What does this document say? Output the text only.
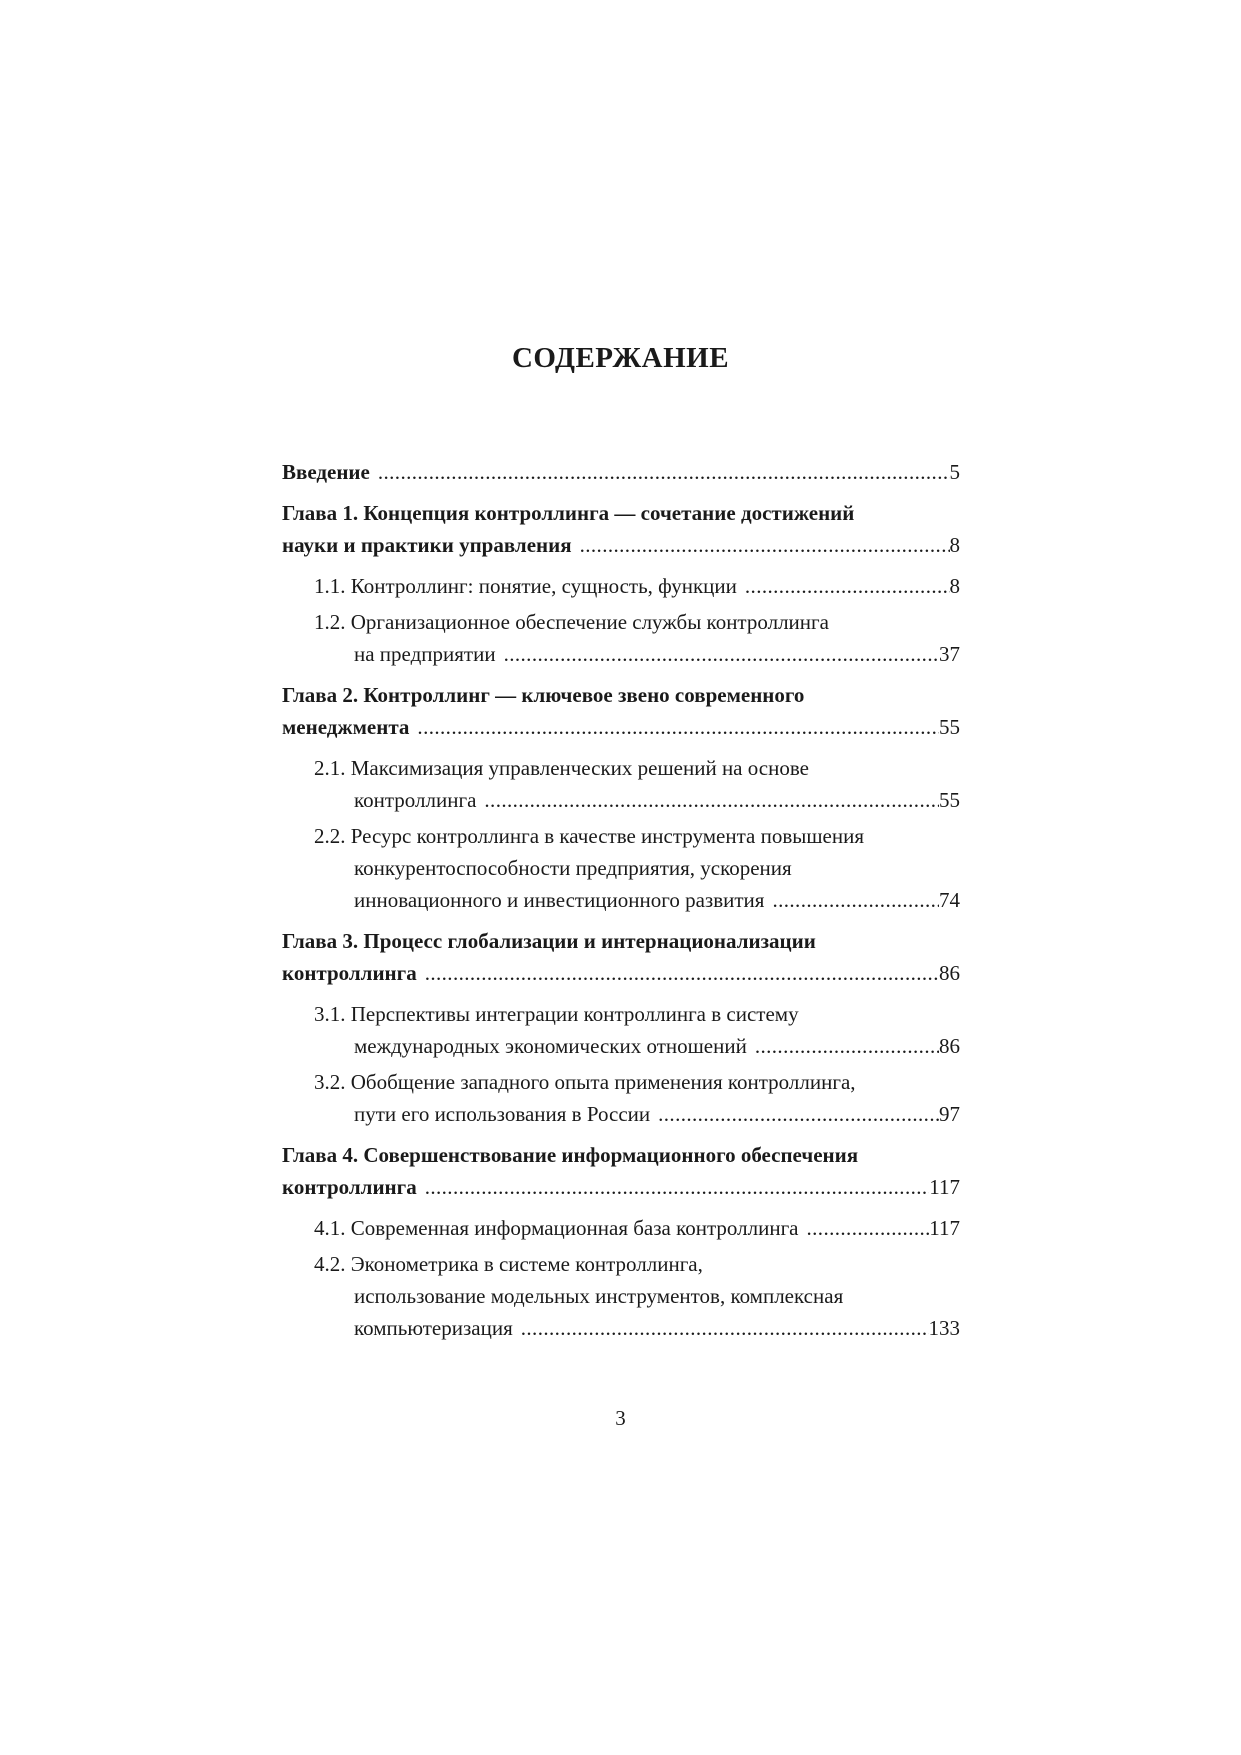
СОДЕРЖАНИЕ
Введение .....	5
Глава 1. Концепция контроллинга — сочетание достижений
науки и практики управления .....	8
1.1. Контроллинг: понятие, сущность, функции .....	8
1.2. Организационное обеспечение службы контроллинга
на предприятии .....	37
Глава 2. Контроллинг — ключевое звено современного
менеджмента .....	55
2.1. Максимизация управленческих решений на основе
контроллинга .....	55
2.2. Ресурс контроллинга в качестве инструмента повышения
конкурентоспособности предприятия, ускорения
инновационного и инвестиционного развития .....	74
Глава 3. Процесс глобализации и интернационализации
контроллинга .....	86
3.1. Перспективы интеграции контроллинга в систему
международных экономических отношений .....	86
3.2. Обобщение западного опыта применения контроллинга,
пути его использования в России .....	97
Глава 4. Совершенствование информационного обеспечения
контроллинга .....	117
4.1. Современная информационная база контроллинга .....	117
4.2. Эконометрика в системе контроллинга,
использование модельных инструментов, комплексная
компьютеризация .....	133
3
